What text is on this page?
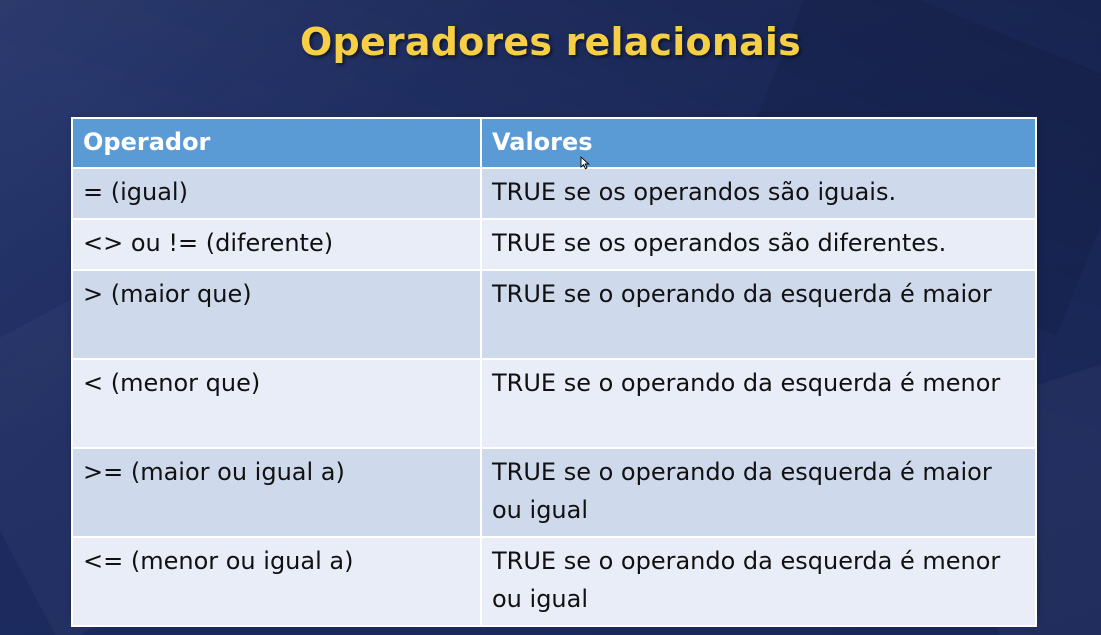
Operadores relacionais
Operador	Valores
= (igual)	TRUE se os operandos são iguais.
<> ou != (diferente)	TRUE se os operandos são diferentes.
> (maior que)	TRUE se o operando da esquerda é maior
< (menor que)	TRUE se o operando da esquerda é menor
>= (maior ou igual a)	TRUE se o operando da esquerda é maior ou igual
<= (menor ou igual a)	TRUE se o operando da esquerda é menor ou igual
